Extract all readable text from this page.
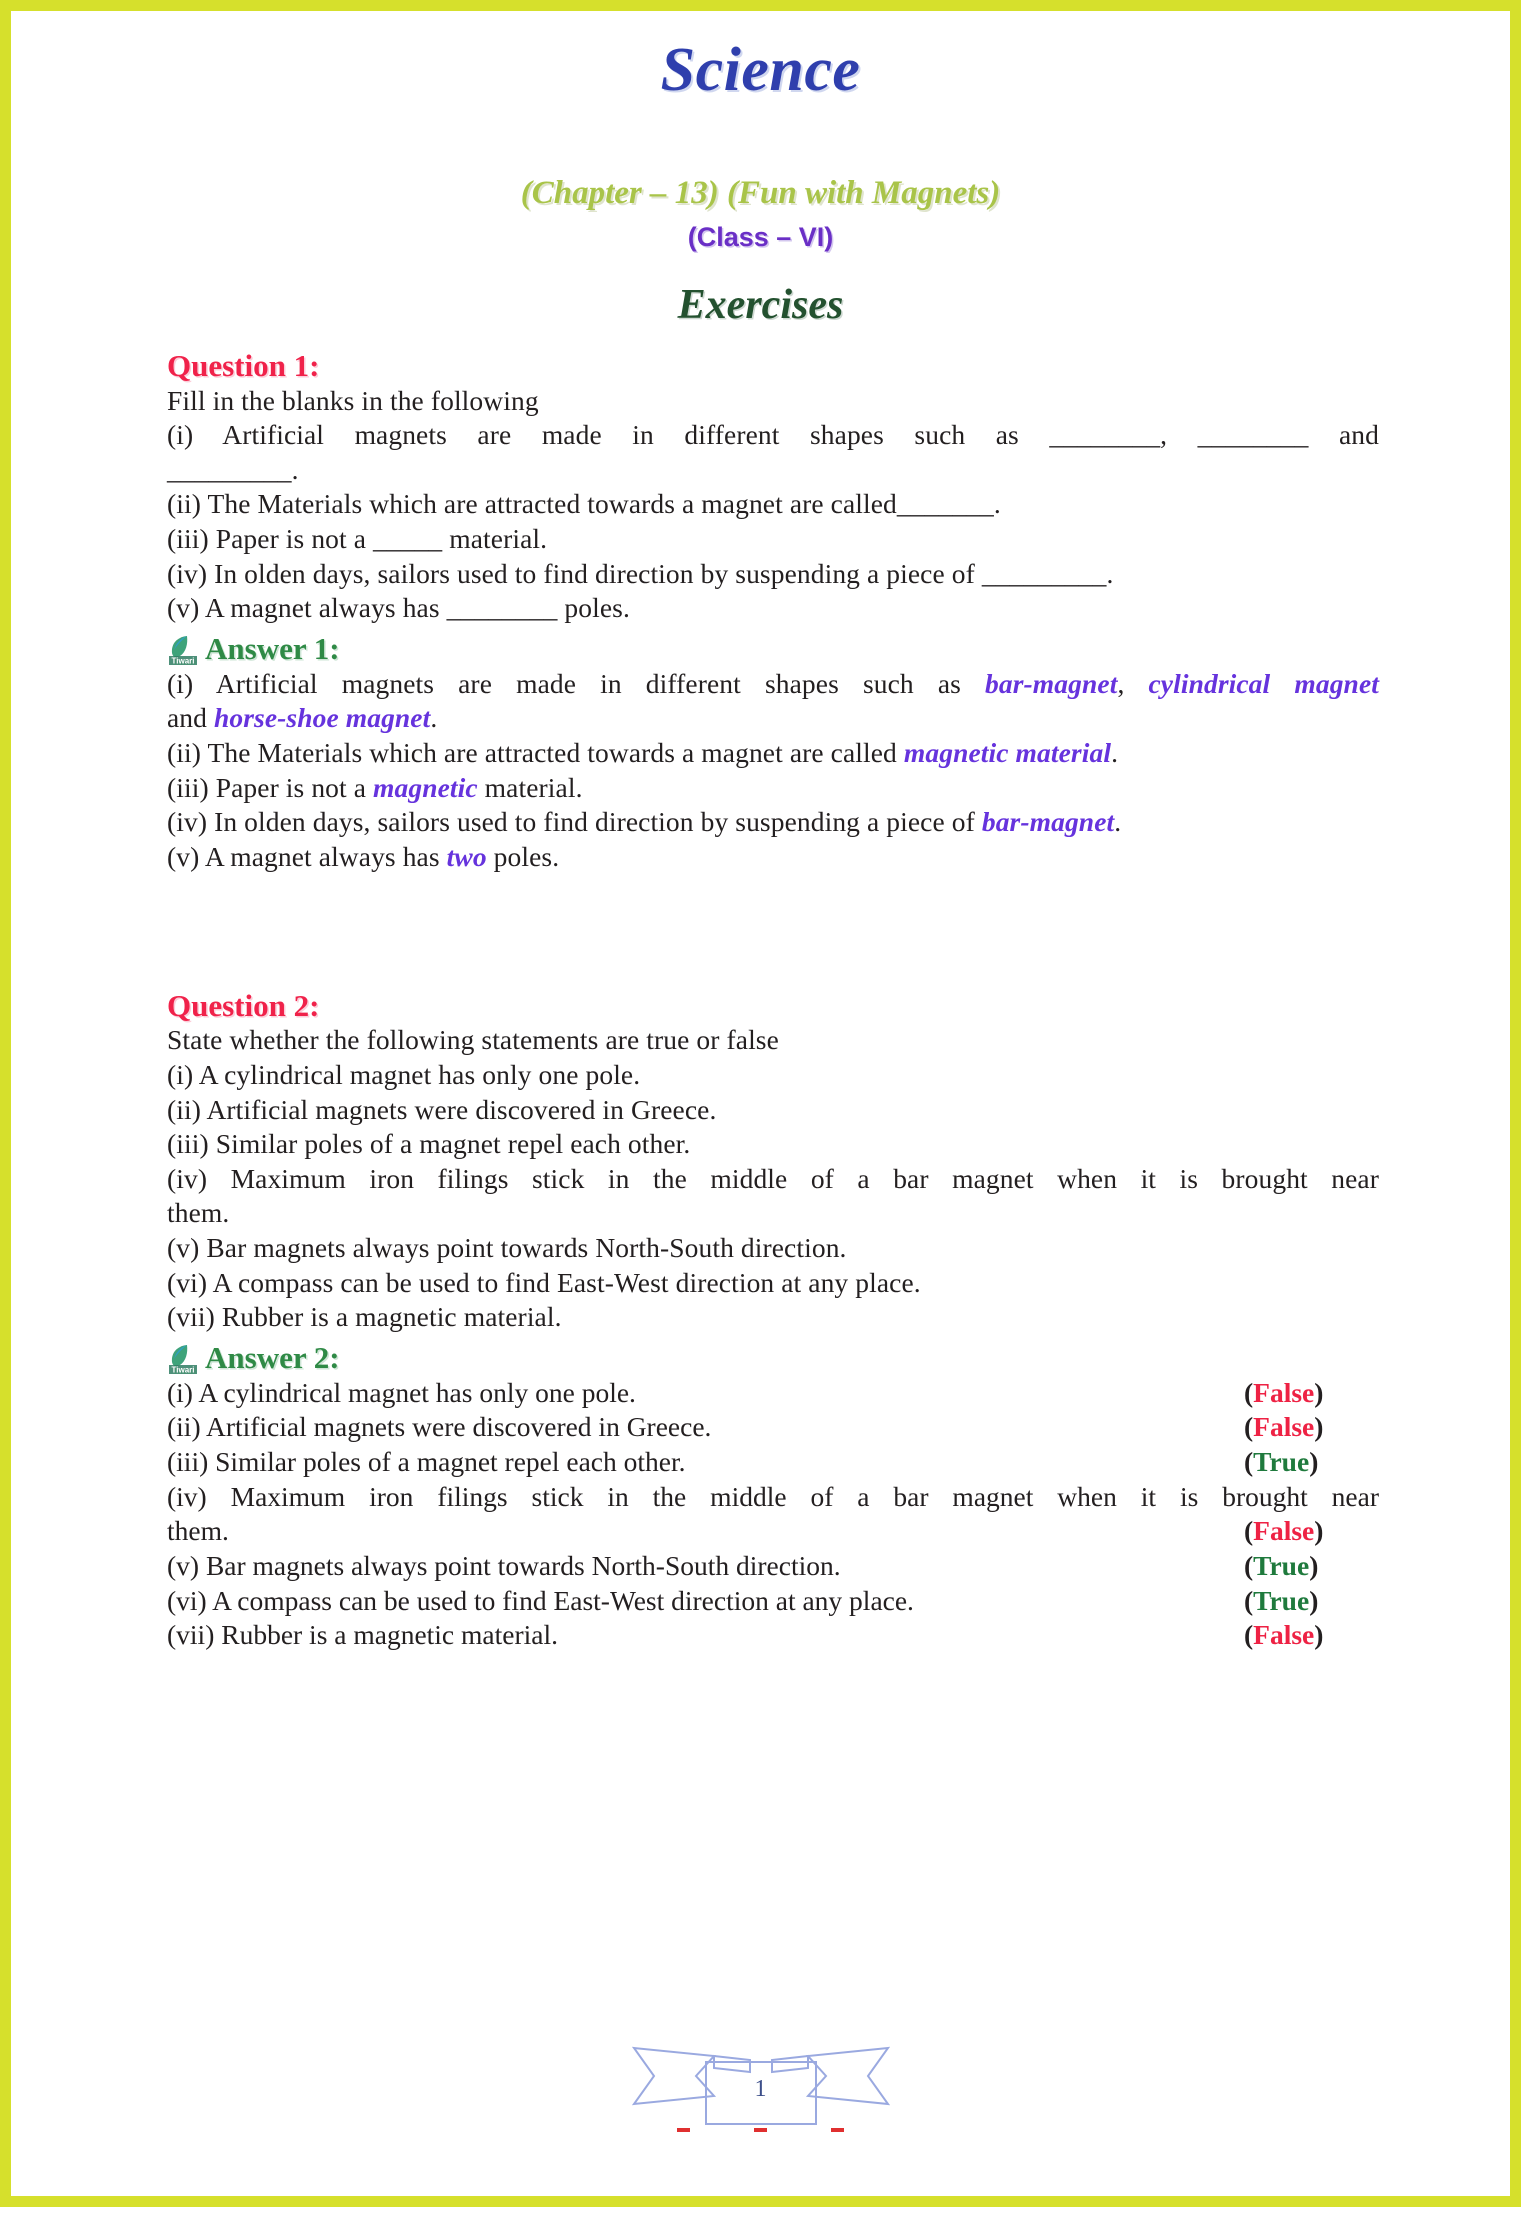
Science
(Chapter – 13) (Fun with Magnets)
(Class – VI)
Exercises
Question 1:
Fill in the blanks in the following
(i) Artificial magnets are made in different shapes such as ________, ________ and
_________.
(ii) The Materials which are attracted towards a magnet are called_______.
(iii) Paper is not a _____ material.
(iv) In olden days, sailors used to find direction by suspending a piece of _________.
(v) A magnet always has ________ poles.
Tiwari Answer 1:
(i) Artificial magnets are made in different shapes such as bar-magnet, cylindrical magnet
and horse-shoe magnet.
(ii) The Materials which are attracted towards a magnet are called magnetic material.
(iii) Paper is not a magnetic material.
(iv) In olden days, sailors used to find direction by suspending a piece of bar-magnet.
(v) A magnet always has two poles.
Question 2:
State whether the following statements are true or false
(i) A cylindrical magnet has only one pole.
(ii) Artificial magnets were discovered in Greece.
(iii) Similar poles of a magnet repel each other.
(iv) Maximum iron filings stick in the middle of a bar magnet when it is brought near
them.
(v) Bar magnets always point towards North-South direction.
(vi) A compass can be used to find East-West direction at any place.
(vii) Rubber is a magnetic material.
Tiwari Answer 2:
(i) A cylindrical magnet has only one pole.	(False)
(ii) Artificial magnets were discovered in Greece.	(False)
(iii) Similar poles of a magnet repel each other.	(True)
(iv) Maximum iron filings stick in the middle of a bar magnet when it is brought near
them.	(False)
(v) Bar magnets always point towards North-South direction.	(True)
(vi) A compass can be used to find East-West direction at any place.	(True)
(vii) Rubber is a magnetic material.	(False)
1
